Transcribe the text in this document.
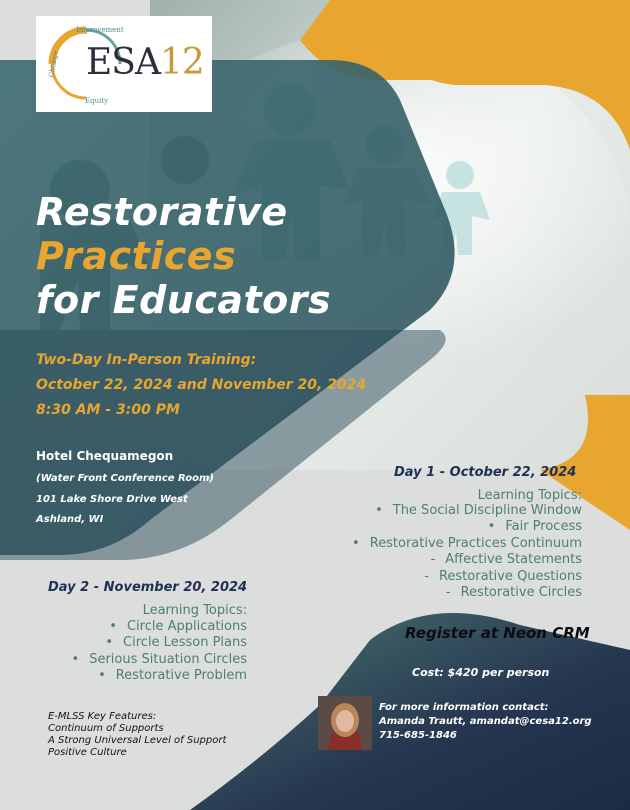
Improvement
Change
Equity
ESA12
Restorative
Practices
for Educators
Two-Day In-Person Training:
October 22, 2024 and November 20, 2024
8:30 AM - 3:00 PM
Hotel Chequamegon
(Water Front Conference Room)
101 Lake Shore Drive West
Ashland, WI
Day 1 - October 22, 2024
Learning Topics:
• The Social Discipline Window
• Fair Process
• Restorative Practices Continuum
- Affective Statements
- Restorative Questions
- Restorative Circles
Day 2 - November 20, 2024
Learning Topics:
• Circle Applications
• Circle Lesson Plans
• Serious Situation Circles
• Restorative Problem
Register at Neon CRM
Cost: $420 per person
For more information contact:
Amanda Trautt, amandat@cesa12.org
715-685-1846
E-MLSS Key Features:
Continuum of Supports
A Strong Universal Level of Support
Positive Culture
